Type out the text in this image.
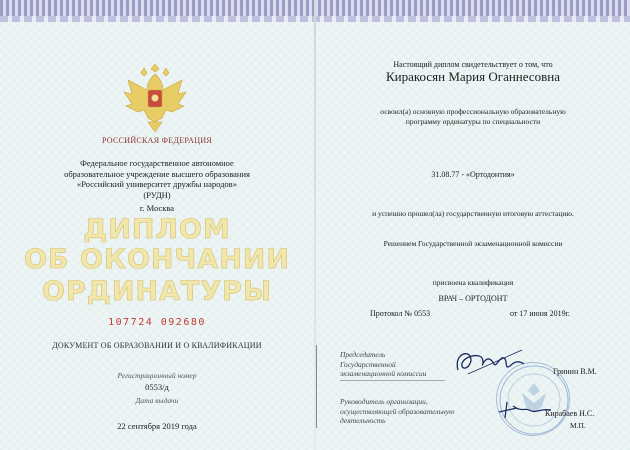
РОССИЙСКАЯ ФЕДЕРАЦИЯ
Федеральное государственное автономное
образовательное учреждение высшего образования
«Российский университет дружбы народов»
(РУДН)
г. Москва
ДИПЛОМ
ОБ ОКОНЧАНИИ
ОРДИНАТУРЫ
107724 092680
ДОКУМЕНТ ОБ ОБРАЗОВАНИИ И О КВАЛИФИКАЦИИ
Регистрационный номер
0553/д
Дата выдачи
22 сентября 2019 года
Настоящий диплом свидетельствует о том, что
Киракосян Мария Оганнесовна
освоил(а) основную профессиональную образовательную
программу ординатуры по специальности
31.08.77 - «Ортодонтия»
и успешно прошел(ла) государственную итоговую аттестацию.
Решением Государственной экзаменационной комиссии
присвоена квалификация
ВРАЧ – ОРТОДОНТ
Протокол № 0553	от 17 июня 2019г.
Председатель
Государственной
экзаменационной комиссии	Гринин В.М.
Руководитель организации,
осуществляющей образовательную
деятельность
Кирабаев Н.С.
М.П.
